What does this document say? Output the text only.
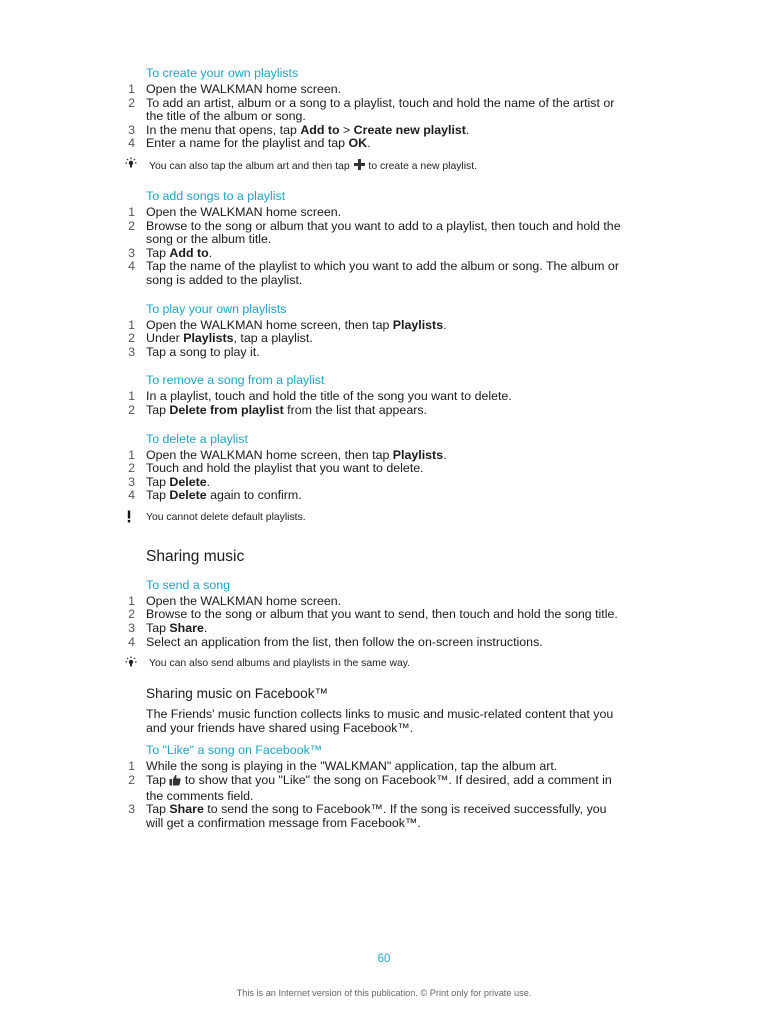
To create your own playlists
1 Open the WALKMAN home screen.
2 To add an artist, album or a song to a playlist, touch and hold the name of the artist or the title of the album or song.
3 In the menu that opens, tap Add to > Create new playlist.
4 Enter a name for the playlist and tap OK.
You can also tap the album art and then tap  to create a new playlist.
To add songs to a playlist
1 Open the WALKMAN home screen.
2 Browse to the song or album that you want to add to a playlist, then touch and hold the song or the album title.
3 Tap Add to.
4 Tap the name of the playlist to which you want to add the album or song. The album or song is added to the playlist.
To play your own playlists
1 Open the WALKMAN home screen, then tap Playlists.
2 Under Playlists, tap a playlist.
3 Tap a song to play it.
To remove a song from a playlist
1 In a playlist, touch and hold the title of the song you want to delete.
2 Tap Delete from playlist from the list that appears.
To delete a playlist
1 Open the WALKMAN home screen, then tap Playlists.
2 Touch and hold the playlist that you want to delete.
3 Tap Delete.
4 Tap Delete again to confirm.
You cannot delete default playlists.
Sharing music
To send a song
1 Open the WALKMAN home screen.
2 Browse to the song or album that you want to send, then touch and hold the song title.
3 Tap Share.
4 Select an application from the list, then follow the on-screen instructions.
You can also send albums and playlists in the same way.
Sharing music on Facebook™

The Friends' music function collects links to music and music-related content that you and your friends have shared using Facebook™.

To "Like" a song on Facebook™
1 While the song is playing in the "WALKMAN" application, tap the album art.
2 Tap  to show that you "Like" the song on Facebook™. If desired, add a comment in the comments field.
3 Tap Share to send the song to Facebook™. If the song is received successfully, you will get a confirmation message from Facebook™.
60
This is an Internet version of this publication. © Print only for private use.
